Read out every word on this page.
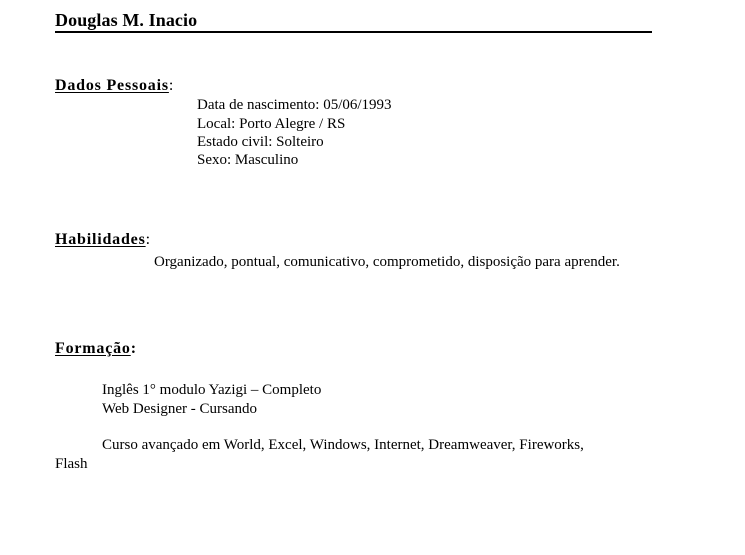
Douglas M. Inacio
Dados Pessoais:
Data de nascimento: 05/06/1993
Local: Porto Alegre / RS
Estado civil: Solteiro
Sexo: Masculino
Habilidades:
Organizado, pontual, comunicativo, comprometido, disposição para aprender.
Formação:
Inglês 1° modulo Yazigi – Completo
Web Designer - Cursando
Curso avançado em World, Excel, Windows, Internet, Dreamweaver, Fireworks,
Flash
